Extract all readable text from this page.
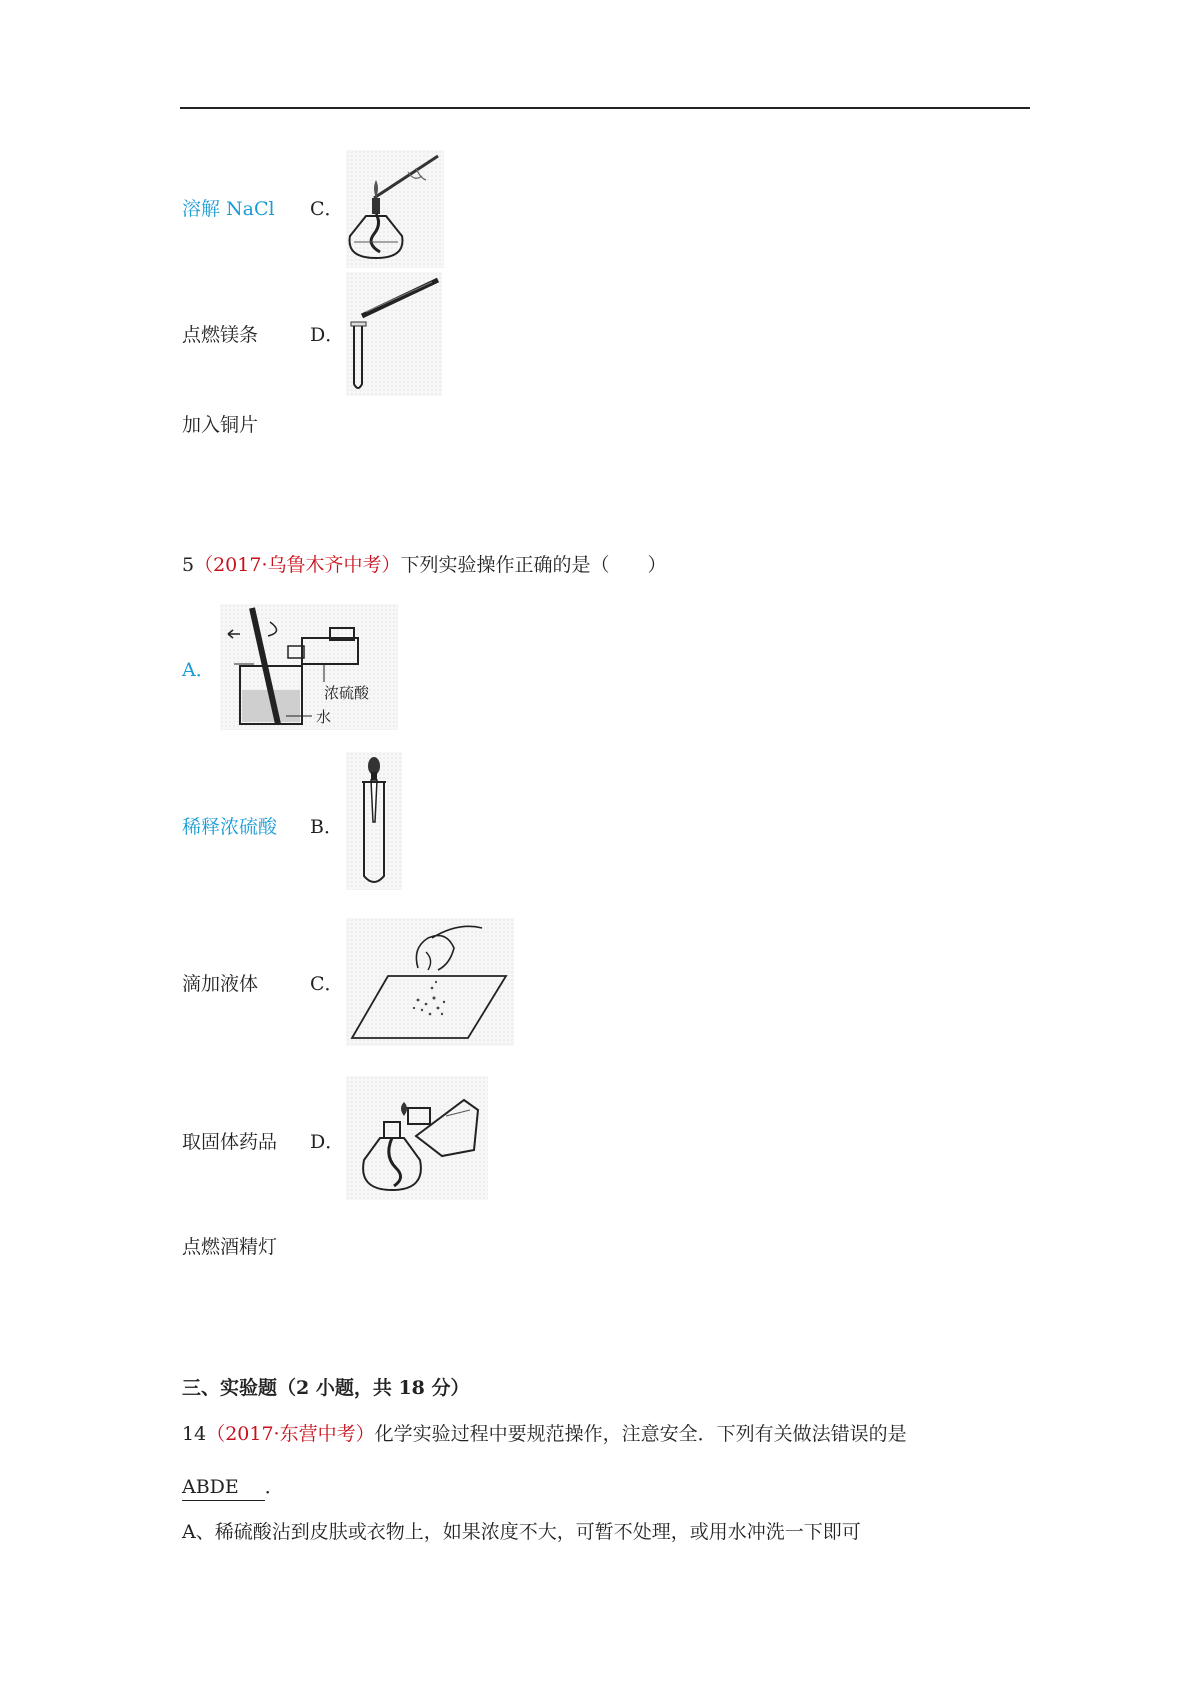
溶解 NaCl C．
点燃镁条	D．
加入铜片
5（2017·乌鲁木齐中考）下列实验操作正确的是（　　）
A．
浓硫酸
水
稀释浓硫酸 B．
滴加液体	C．
取固体药品 D．
点燃酒精灯
三、实验题（2 小题，共 18 分）
14（2017·东营中考）化学实验过程中要规范操作，注意安全．下列有关做法错误的是
ABDE ．
A、稀硫酸沾到皮肤或衣物上，如果浓度不大，可暂不处理，或用水冲洗一下即可
